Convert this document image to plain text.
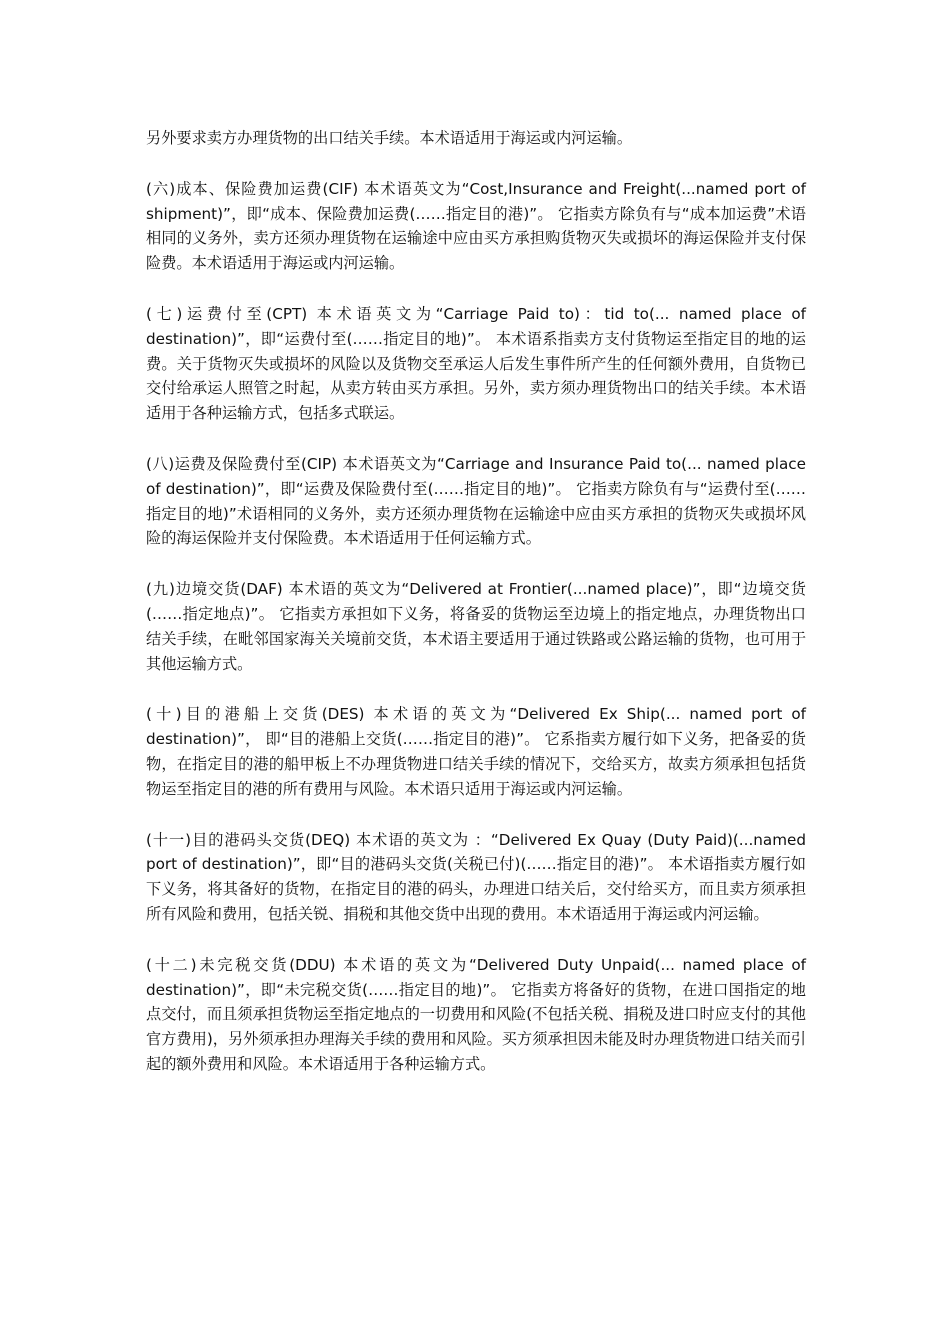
另外要求卖方办理货物的出口结关手续。本术语适用于海运或内河运输。

(六)成本、保险费加运费(CIF) 本术语英文为“Cost,Insurance and Freight(...named port of shipment)”，即“成本、保险费加运费(……指定目的港)”。 它指卖方除负有与“成本加运费”术语相同的义务外，卖方还须办理货物在运输途中应由买方承担购货物灭失或损坏的海运保险并支付保险费。本术语适用于海运或内河运输。

(七)运费付至(CPT) 本术语英文为“Carriage Paid to)：tid to(... named place of destination)”，即“运费付至(……指定目的地)”。 本术语系指卖方支付货物运至指定目的地的运费。关于货物灭失或损坏的风险以及货物交至承运人后发生事件所产生的任何额外费用，自货物已交付给承运人照管之时起，从卖方转由买方承担。另外，卖方须办理货物出口的结关手续。本术语适用于各种运输方式，包括多式联运。

(八)运费及保险费付至(CIP) 本术语英文为“Carriage and Insurance Paid to(... named place of destination)”，即“运费及保险费付至(……指定目的地)”。 它指卖方除负有与“运费付至(……指定目的地)”术语相同的义务外，卖方还须办理货物在运输途中应由买方承担的货物灭失或损坏风险的海运保险并支付保险费。本术语适用于任何运输方式。

(九)边境交货(DAF) 本术语的英文为“Delivered at Frontier(...named place)”，即“边境交货(……指定地点)”。 它指卖方承担如下义务，将备妥的货物运至边境上的指定地点，办理货物出口结关手续，在毗邻国家海关关境前交货，本术语主要适用于通过铁路或公路运输的货物，也可用于其他运输方式。

(十)目的港船上交货(DES) 本术语的英文为“Delivered Ex Ship(... named port of destination)”， 即“目的港船上交货(……指定目的港)”。 它系指卖方履行如下义务，把备妥的货物，在指定目的港的船甲板上不办理货物进口结关手续的情况下，交给买方，故卖方须承担包括货物运至指定目的港的所有费用与风险。本术语只适用于海运或内河运输。

(十一)目的港码头交货(DEQ) 本术语的英文为 ：“Delivered Ex Quay (Duty Paid)(...named port of destination)”，即“目的港码头交货(关税已付)(……指定目的港)”。 本术语指卖方履行如下义务，将其备好的货物，在指定目的港的码头，办理进口结关后，交付给买方，而且卖方须承担所有风险和费用，包括关锐、捐税和其他交货中出现的费用。本术语适用于海运或内河运输。

(十二)未完税交货(DDU) 本术语的英文为“Delivered Duty Unpaid(... named place of destination)”，即“未完税交货(……指定目的地)”。 它指卖方将备好的货物，在进口国指定的地点交付，而且须承担货物运至指定地点的一切费用和风险(不包括关税、捐税及进口时应支付的其他官方费用)，另外须承担办理海关手续的费用和风险。买方须承担因未能及时办理货物进口结关而引起的额外费用和风险。本术语适用于各种运输方式。
